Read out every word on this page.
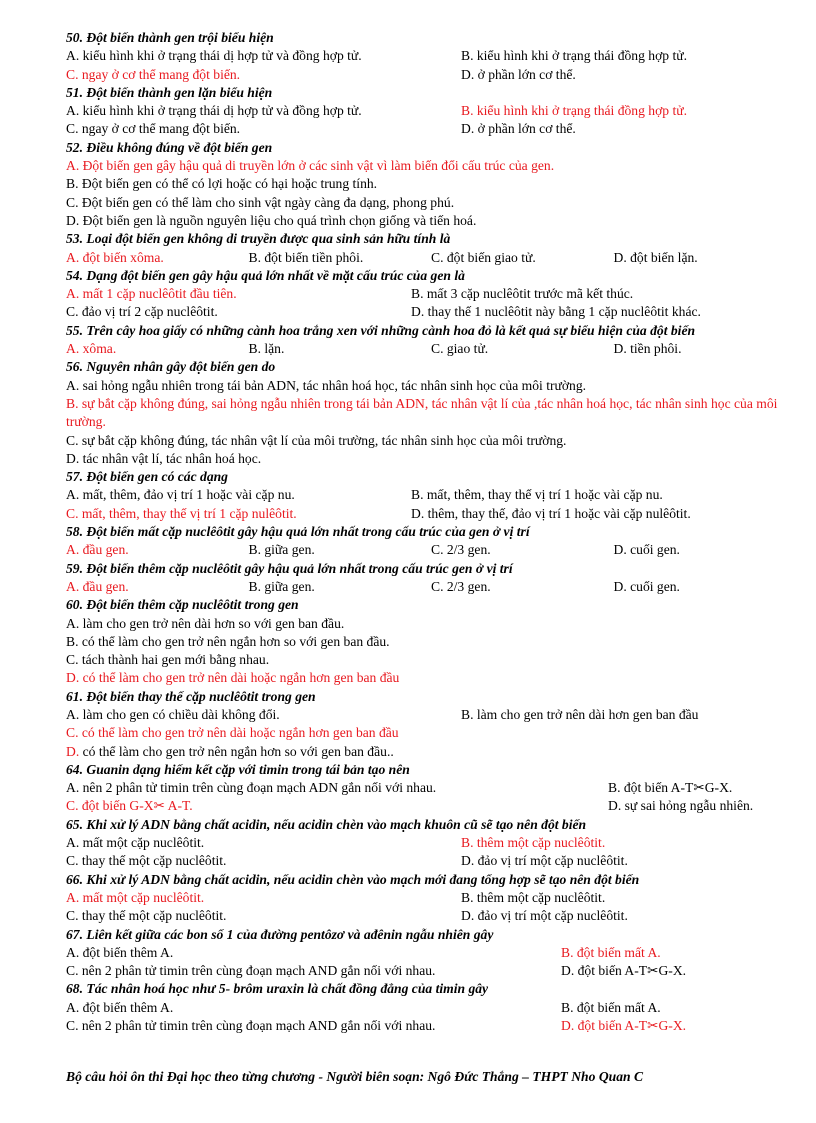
50. Đột biến thành gen trội biểu hiện
A. kiểu hình khi ở trạng thái dị hợp tử và đồng hợp tử.	B. kiểu hình khi ở trạng thái đồng hợp tử.
C. ngay ở cơ thể mang đột biến.	D. ở phần lớn cơ thể.
51. Đột biến thành gen lặn biểu hiện
A. kiểu hình khi ở trạng thái dị hợp tử và đồng hợp tử.	B. kiểu hình khi ở trạng thái đồng hợp tử.
C. ngay ở cơ thể mang đột biến.	D. ở phần lớn cơ thể.
52. Điều không đúng về đột biến gen
A. Đột biến gen gây hậu quả di truyền lớn ở các sinh vật vì làm biến đổi cấu trúc của gen.
B. Đột biến gen có thể có lợi hoặc có hại hoặc trung tính.
C. Đột biến gen có thể làm cho sinh vật ngày càng đa dạng, phong phú.
D. Đột biến gen là nguồn nguyên liệu cho quá trình chọn giống và tiến hoá.
53. Loại đột biến gen không di truyền được qua sinh sản hữu tính là
A. đột biến xôma.	B. đột biến tiền phôi.	C. đột biến giao tử.	D. đột biến lặn.
54. Dạng đột biến gen gây hậu quả lớn nhất về mặt cấu trúc của gen là
A. mất 1 cặp nuclêôtit đầu tiên.	B. mất 3 cặp nuclêôtit trước mã kết thúc.
C. đảo vị trí 2 cặp nuclêôtit.	D. thay thế 1 nuclêôtit này bằng 1 cặp nuclêôtit khác.
55. Trên cây hoa giấy có những cành hoa trắng xen với những cành hoa đỏ là kết quả sự biểu hiện của đột biến
A. xôma.	B. lặn.	C. giao tử.	D. tiền phôi.
56. Nguyên nhân gây đột biến gen do
A. sai hỏng ngẫu nhiên trong tái bản ADN, tác nhân hoá học, tác nhân sinh học của môi trường.
B. sự bắt cặp không đúng, sai hỏng ngẫu nhiên trong tái bản ADN, tác nhân vật lí của ,tác nhân hoá học, tác nhân sinh học của môi trường.
C. sự bắt cặp không đúng, tác nhân vật lí của môi trường, tác nhân sinh học của môi trường.
D. tác nhân vật lí, tác nhân hoá học.
57. Đột biến gen có các dạng
A. mất, thêm, đảo vị trí 1 hoặc vài cặp nu.	B. mất, thêm, thay thế vị trí 1 hoặc vài cặp nu.
C. mất, thêm, thay thế vị trí 1 cặp nulêôtit.	D. thêm, thay thế, đảo vị trí 1 hoặc vài cặp nulêôtit.
58. Đột biến mất cặp nuclêôtit gây hậu quả lớn nhất trong cấu trúc của gen ở vị trí
A. đầu gen.	B. giữa gen.	C. 2/3 gen.	D. cuối gen.
59. Đột biến thêm cặp nuclêôtit gây hậu quả lớn nhất trong cấu trúc gen ở vị trí
A. đầu gen.	B. giữa gen.	C. 2/3 gen.	D. cuối gen.
60. Đột biến thêm cặp nuclêôtit trong gen
A. làm cho gen trở nên dài hơn so với gen ban đầu.
B. có thể làm cho gen trở nên ngắn hơn so với gen ban đầu.
C. tách thành hai gen mới bằng nhau.
D. có thể làm cho gen trở nên dài hoặc ngắn hơn gen ban đầu
61. Đột biến thay thế cặp nuclêôtit trong gen
A. làm cho gen có chiều dài không đổi.	B. làm cho gen trở nên dài hơn gen ban đầu
C. có thể làm cho gen trở nên dài hoặc ngắn hơn gen ban đầu
D. có thể làm cho gen trở nên ngắn hơn so với gen ban đầu..
64. Guanin dạng hiếm kết cặp với timin trong tái bản tạo nên
A. nên 2 phân tử timin trên cùng đoạn mạch ADN gắn nối với nhau.	B. đột biến A-T✂G-X.
C. đột biến G-X✂ A-T.	D. sự sai hỏng ngẫu nhiên.
65. Khi xử lý ADN bằng chất acidin, nếu acidin chèn vào mạch khuôn cũ sẽ tạo nên đột biến
A. mất một cặp nuclêôtit.	B. thêm một cặp nuclêôtit.
C. thay thế một cặp nuclêôtit.	D. đảo vị trí một cặp nuclêôtit.
66. Khi xử lý ADN bằng chất acidin, nếu acidin chèn vào mạch mới đang tổng hợp sẽ tạo nên đột biến
A. mất một cặp nuclêôtit.	B. thêm một cặp nuclêôtit.
C. thay thế một cặp nuclêôtit.	D. đảo vị trí một cặp nuclêôtit.
67. Liên kết giữa các bon số 1 của đường pentôzơ và ađênin ngẫu nhiên gây
A. đột biến thêm A.	B. đột biến mất A.
C. nên 2 phân tử timin trên cùng đoạn mạch AND gắn nối với nhau.	D. đột biến A-T✂G-X.
68. Tác nhân hoá học như 5- brôm uraxin là chất đồng đẳng của timin gây
A. đột biến thêm A.	B. đột biến mất A.
C. nên 2 phân tử timin trên cùng đoạn mạch AND gắn nối với nhau.	D. đột biến A-T✂G-X.
Bộ câu hỏi ôn thi Đại học theo từng chương - Người biên soạn: Ngô Đức Thắng – THPT Nho Quan C
